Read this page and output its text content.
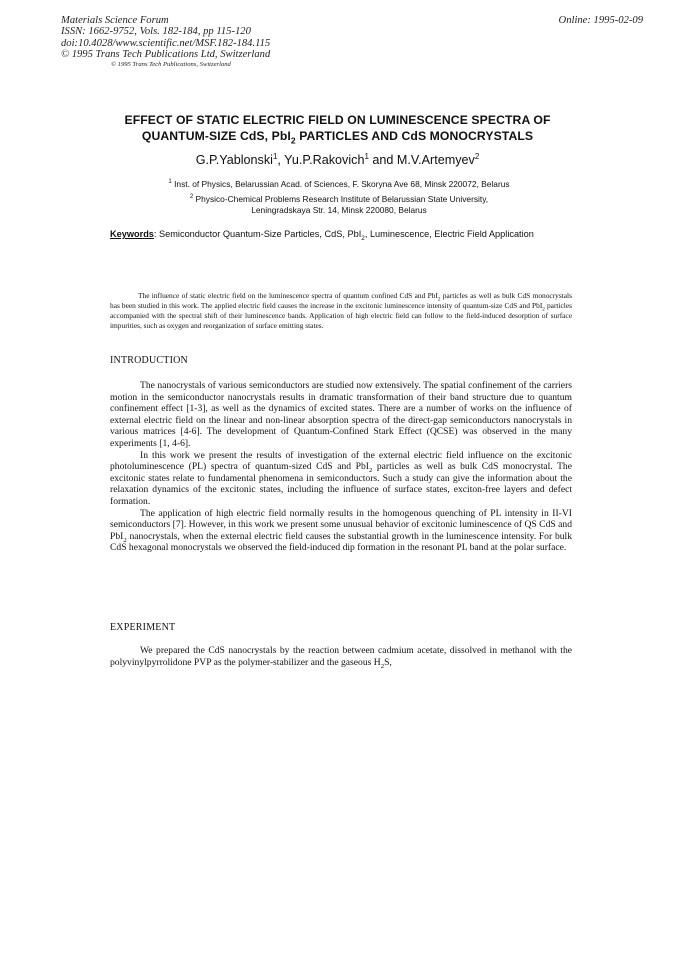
Materials Science Forum
ISSN: 1662-9752, Vols. 182-184, pp 115-120
doi:10.4028/www.scientific.net/MSF.182-184.115
© 1995 Trans Tech Publications Ltd, Switzerland
© 1995 Trans Tech Publications, Switzerland
Online: 1995-02-09
EFFECT OF STATIC ELECTRIC FIELD ON LUMINESCENCE SPECTRA OF
QUANTUM-SIZE CdS, PbI$_2$ PARTICLES AND CdS MONOCRYSTALS
G.P.Yablonski$^1$, Yu.P.Rakovich$^1$ and M.V.Artemyev$^2$
$^1$ Inst. of Physics, Belarussian Acad. of Sciences, F. Skoryna Ave 68, Minsk 220072, Belarus
$^2$ Physico-Chemical Problems Research Institute of Belarussian State University,
Leningradskaya Str. 14, Minsk 220080, Belarus
Keywords: Semiconductor Quantum-Size Particles, CdS, PbI$_2$, Luminescence, Electric Field Application
The influence of static electric field on the luminescence spectra of quantum confined CdS and PbI$_2$ particles as well as bulk CdS monocrystals has been studied in this work. The applied electric field causes the increase in the excitonic luminescence intensity of quantum-size CdS and PbI$_2$ particles accompanied with the spectral shift of their luminescence bands. Application of high electric field can follow to the field-induced desorption of surface impurities, such as oxygen and reorganization of surface emitting states.
INTRODUCTION

The nanocrystals of various semiconductors are studied now extensively. The spatial confinement of the carriers motion in the semiconductor nanocrystals results in dramatic transformation of their band structure due to quantum confinement effect [1-3], as well as the dynamics of excited states. There are a number of works on the influence of external electric field on the linear and non-linear absorption spectra of the direct-gap semiconductors nanocrystals in various matrices [4-6]. The development of Quantum-Confined Stark Effect (QCSE) was observed in the many experiments [1, 4-6].

In this work we present the results of investigation of the external electric field influence on the excitonic photoluminescence (PL) spectra of quantum-sized CdS and PbI$_2$ particles as well as bulk CdS monocrystal. The excitonic states relate to fundamental phenomena in semiconductors. Such a study can give the information about the relaxation dynamics of the excitonic states, including the influence of surface states, exciton-free layers and defect formation.

The application of high electric field normally results in the homogenous quenching of PL intensity in II-VI semiconductors [7]. However, in this work we present some unusual behavior of excitonic luminescence of QS CdS and PbI$_2$ nanocrystals, when the external electric field causes the substantial growth in the luminescence intensity. For bulk CdS hexagonal monocrystals we observed the field-induced dip formation in the resonant PL band at the polar surface.

EXPERIMENT

We prepared the CdS nanocrystals by the reaction between cadmium acetate, dissolved in methanol with the polyvinylpyrrolidone PVP as the polymer-stabilizer and the gaseous $H_2S$,
